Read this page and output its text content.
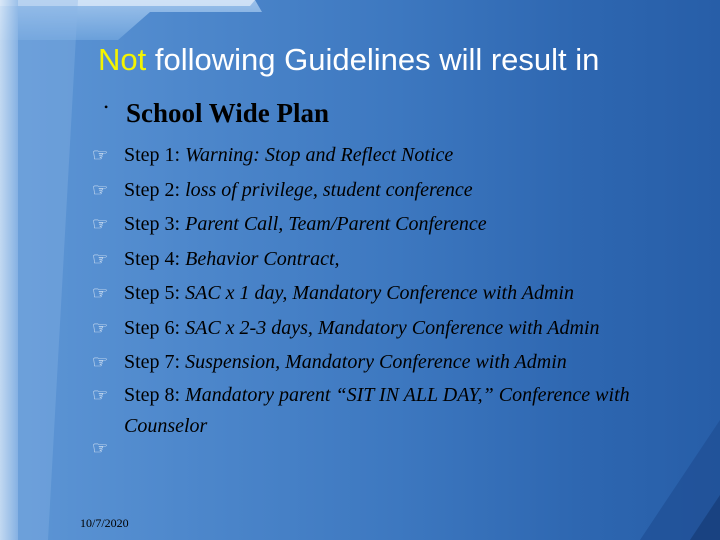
Not following Guidelines will result in
• School Wide Plan
☞ Step 1: Warning: Stop and Reflect Notice
☞ Step 2: loss of privilege, student conference
☞ Step 3: Parent Call, Team/Parent Conference
☞ Step 4: Behavior Contract,
☞ Step 5: SAC x 1 day, Mandatory Conference with Admin
☞ Step 6: SAC x 2-3 days, Mandatory Conference with Admin
☞ Step 7: Suspension, Mandatory Conference with Admin
☞ Step 8: Mandatory parent “SIT IN ALL DAY,” Conference with Counselor
☞
10/7/2020
